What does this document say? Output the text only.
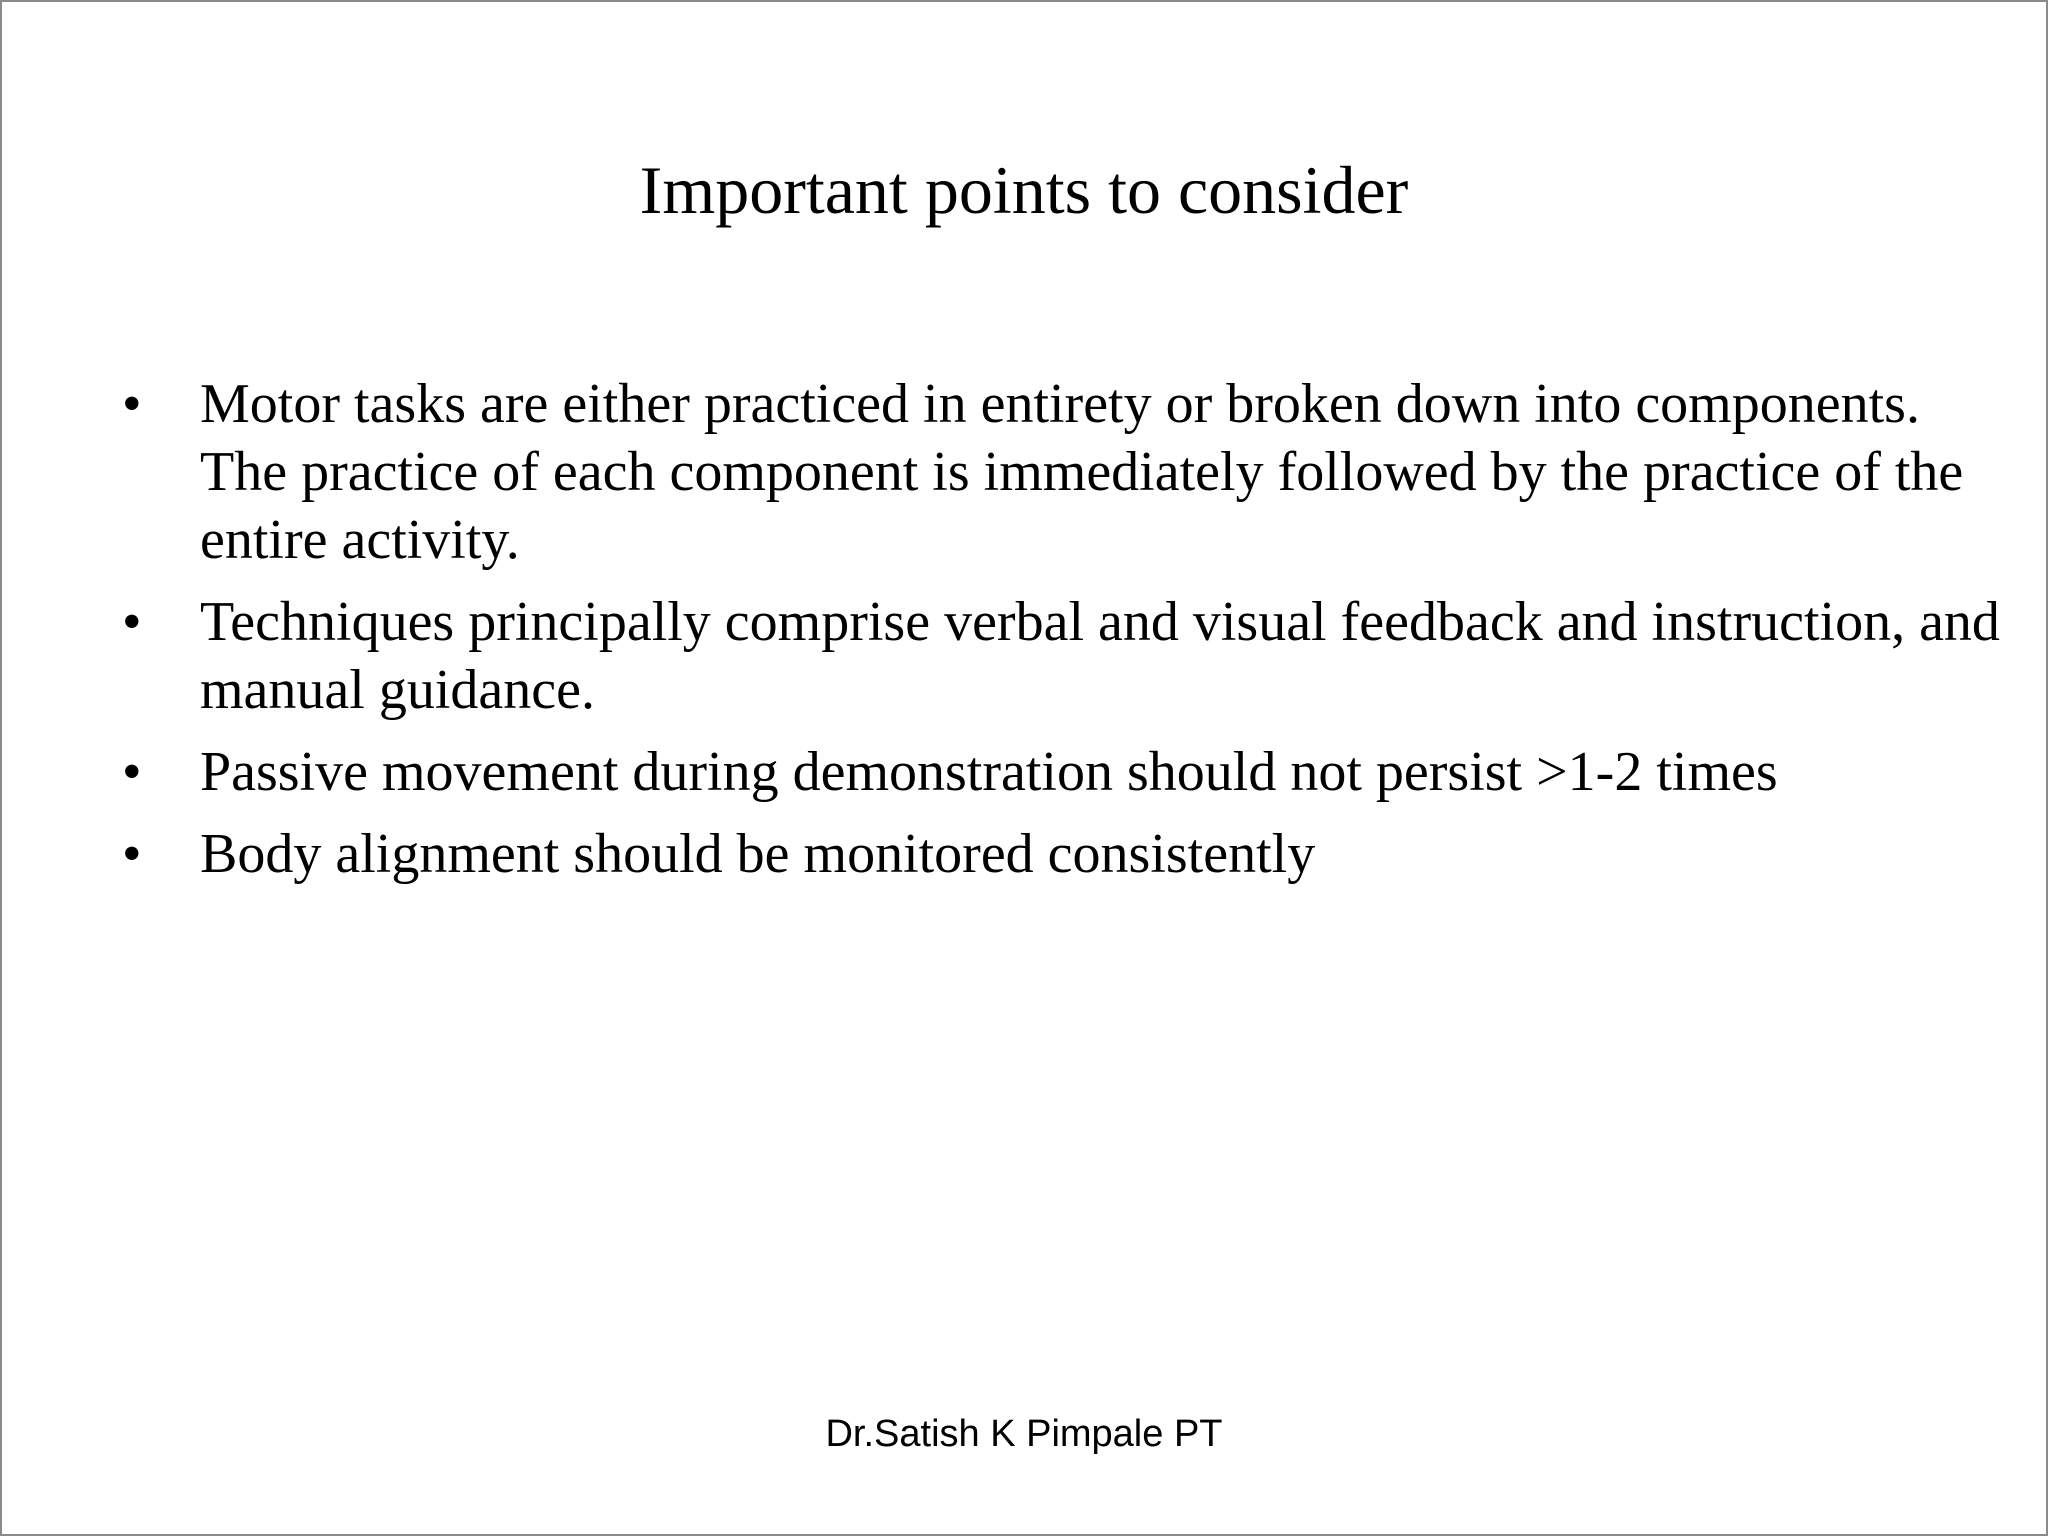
Important points to consider
• Motor tasks are either practiced in entirety or broken down into components. The practice of each component is immediately followed by the practice of the entire activity.
• Techniques principally comprise verbal and visual feedback and instruction, and manual guidance.
• Passive movement during demonstration should not persist >1-2 times
• Body alignment should be monitored consistently
Dr.Satish K Pimpale PT
